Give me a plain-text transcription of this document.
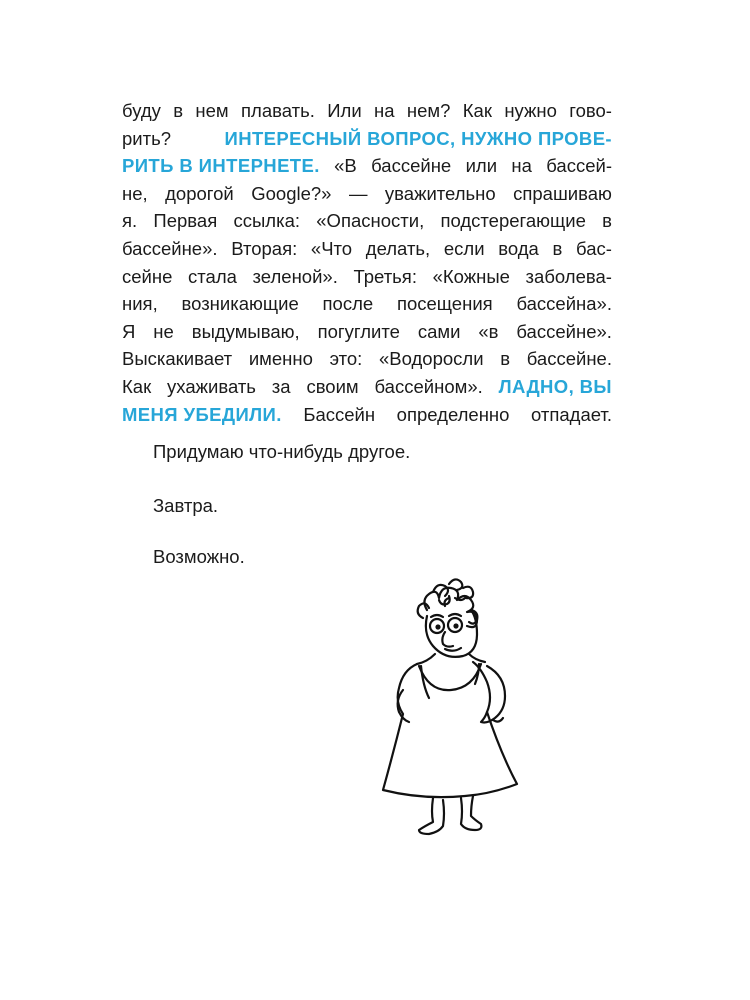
буду в нем плавать. Или на нем? Как нужно гово-
рить?	ИНТЕРЕСНЫЙ ВОПРОС, НУЖНО ПРОВЕ-
РИТЬ В ИНТЕРНЕТЕ. «В бассейне или на бассей-
не, дорогой Google?» — уважительно спрашиваю
я. Первая ссылка: «Опасности, подстерегающие в
бассейне». Вторая: «Что делать, если вода в бас-
сейне стала зеленой». Третья: «Кожные заболева-
ния, возникающие после посещения бассейна».
Я не выдумываю, погуглите сами «в бассейне».
Выскакивает именно это: «Водоросли в бассейне.
Как ухаживать за своим бассейном». ЛАДНО, ВЫ
МЕНЯ УБЕДИЛИ. Бассейн определенно отпадает.
Придумаю что-нибудь другое.
Завтра.
Возможно.
